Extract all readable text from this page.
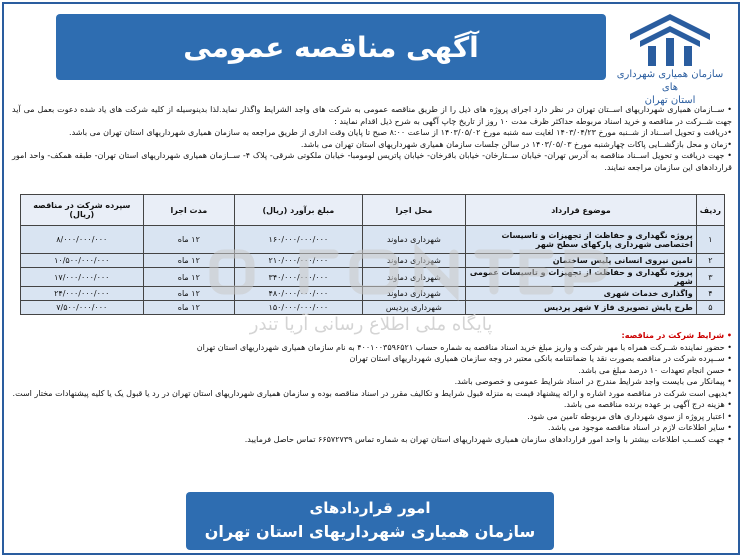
آگهی مناقصه عمومی
سازمان همیاری شهرداری های
استان تهران

• ســازمان همیاری شهرداریهای اســتان تهران در نظر دارد اجرای پروژه های ذیل را از طریق مناقصه عمومی به شرکت های واجد الشرایط واگذار نماید.لذا بدینوسیله از کلیه شرکت های یاد شده دعوت بعمل می آید جهت شــرکت در مناقصه و خرید اسناد مربوطه حداکثر ظرف مدت ۱۰ روز از تاریخ چاپ آگهی به شرح ذیل اقدام نمایند :

•دریافت و تحویل اســناد از شــنبه مورخ ۱۴۰۳/۰۴/۲۳ لغایت سه شنبه مورخ ۱۴۰۳/۰۵/۰۲ از ساعت ۸:۰۰ صبح تا پایان وقت اداری از طریق مراجعه به سازمان همیاری شهرداریهای استان تهران می باشد.

•زمان و محل بازگشــایی پاکات چهارشنبه مورخ ۱۴۰۳/۰۵/۰۳ در سالن جلسات سازمان همیاری شهرداریهای استان تهران می باشد.

• جهت دریافت و تحویل اســناد مناقصه به آدرس تهران- خیابان ســتارخان- خیابان باقرخان- خیابان پاتریس لومومبا- خیابان ملکوتی شرقی- پلاک ۴- ســازمان همیاری شهرداریهای استان تهران- طبقه همکف- واحد امور قراردادهای این سازمان مراجعه نمایند.

ردیف	موضوع قرارداد	محل اجرا	مبلغ برآورد (ریال)	مدت اجرا	سپرده شرکت در مناقصه (ریال)
۱	پروژه نگهداری و حفاظت از تجهیزات و تاسیسات اختصاصی شهرداری پارکهای سطح شهر	شهرداری دماوند	۱۶۰/۰۰۰/۰۰۰/۰۰۰	۱۲ ماه	۸/۰۰۰/۰۰۰/۰۰۰
۲	تامین نیروی انسانی پلیس ساختمان	شهرداری دماوند	۲۱۰/۰۰۰/۰۰۰/۰۰۰	۱۲ ماه	۱۰/۵۰۰/۰۰۰/۰۰۰
۳	پروژه نگهداری و حفاظت از تجهیزات و تاسیسات عمومی شهر	شهرداری دماوند	۳۴۰/۰۰۰/۰۰۰/۰۰۰	۱۲ ماه	۱۷/۰۰۰/۰۰۰/۰۰۰
۴	واگذاری خدمات شهری	شهرداری دماوند	۴۸۰/۰۰۰/۰۰۰/۰۰۰	۱۲ ماه	۲۴/۰۰۰/۰۰۰/۰۰۰
۵	طرح پایش تصویری فاز ۷ شهر پردیس	شهرداری پردیس	۱۵۰/۰۰۰/۰۰۰/۰۰۰	۱۲ ماه	۷/۵۰۰/۰۰۰/۰۰۰
پایگاه ملی اطلاع رسانی آریا تندر

• شرایط شرکت در مناقصه:

• حضور نماینده شــرکت همراه با مهر شرکت و واریز مبلغ خرید اسناد مناقصه به شماره حساب ۴۰۰۱۰۰۳۵۹۶۵۲۱ به نام سازمان همیاری شهرداریهای استان تهران

• ســپرده شرکت در مناقصه بصورت نقد یا ضمانتنامه بانکی معتبر در وجه سازمان همیاری شهرداریهای استان تهران

• حسن انجام تعهدات ۱۰ درصد مبلغ می باشد.

• پیمانکار می بایست واجد شرایط مندرج در اسناد شرایط عمومی و خصوصی باشد.

•بدیهی است شرکت در مناقصه مورد اشاره و ارائه پیشنهاد قیمت به منزله قبول شرایط و تکالیف مقرر در اسناد مناقصه بوده و سازمان همیاری شهرداریهای استان تهران در رد یا قبول یک یا کلیه پیشنهادات مختار است.

• هزینه درج آگهی بر عهده برنده مناقصه می باشد.

• اعتبار پروژه از سوی شهرداری های مربوطه تامین می شود.

• سایر اطلاعات لازم در اسناد مناقصه موجود می باشد.

• جهت کســب اطلاعات بیشتر با واحد امور قراردادهای سازمان همیاری شهرداریهای استان تهران به شماره تماس ۶۶۵۷۲۷۳۹ تماس حاصل فرمایید.

امور قراردادهای
سازمان همیاری شهرداریهای استان تهران
